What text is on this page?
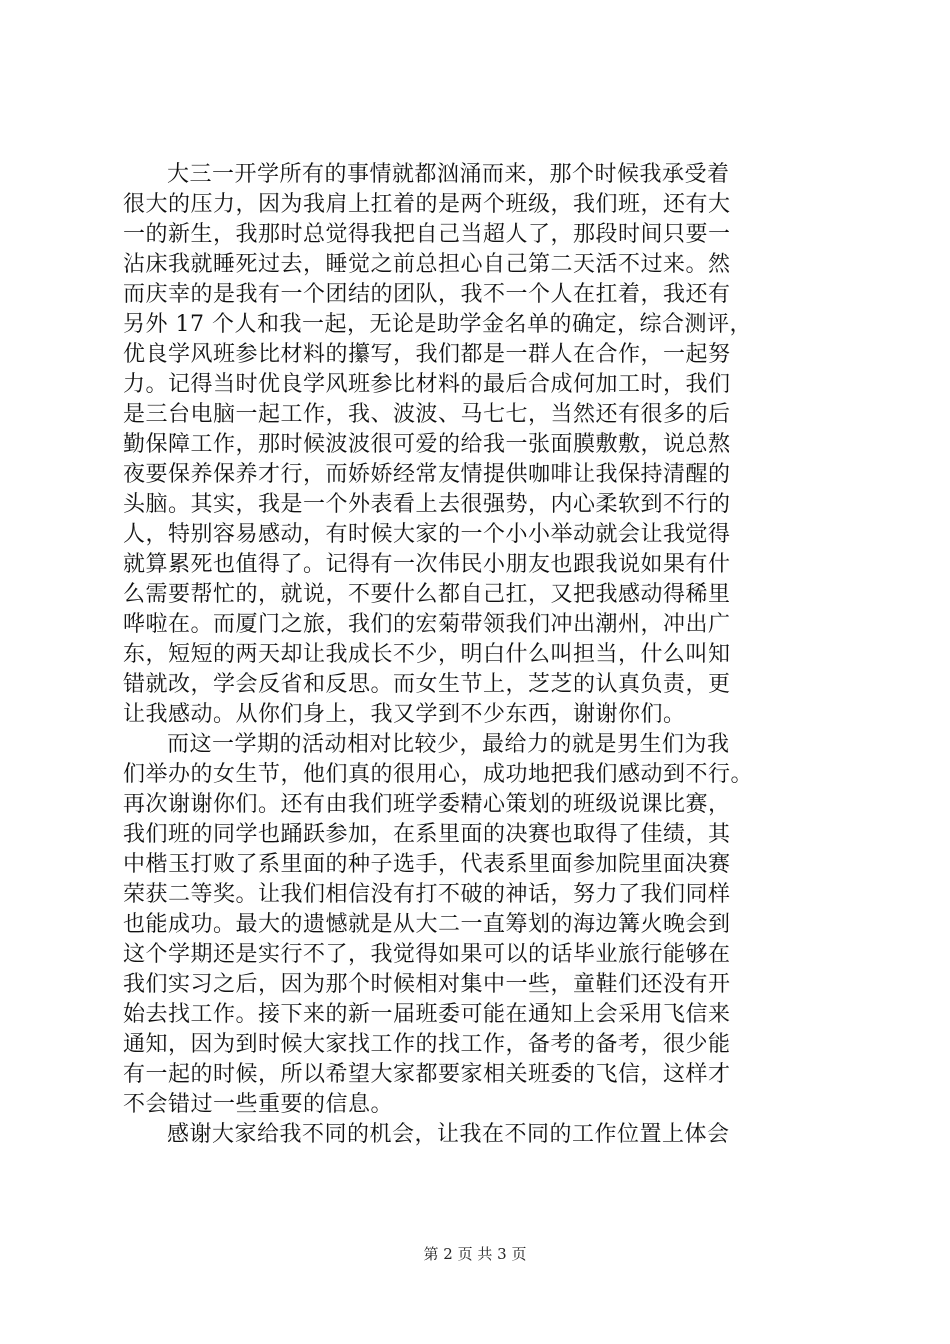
大三一开学所有的事情就都汹涌而来，那个时候我承受着
很大的压力，因为我肩上扛着的是两个班级，我们班，还有大
一的新生，我那时总觉得我把自己当超人了，那段时间只要一
沾床我就睡死过去，睡觉之前总担心自己第二天活不过来。然
而庆幸的是我有一个团结的团队，我不一个人在扛着，我还有
另外 17 个人和我一起，无论是助学金名单的确定，综合测评，
优良学风班参比材料的攥写，我们都是一群人在合作，一起努
力。记得当时优良学风班参比材料的最后合成何加工时，我们
是三台电脑一起工作，我、波波、马七七，当然还有很多的后
勤保障工作，那时候波波很可爱的给我一张面膜敷敷，说总熬
夜要保养保养才行，而娇娇经常友情提供咖啡让我保持清醒的
头脑。其实，我是一个外表看上去很强势，内心柔软到不行的
人，特别容易感动，有时候大家的一个小小举动就会让我觉得
就算累死也值得了。记得有一次伟民小朋友也跟我说如果有什
么需要帮忙的，就说，不要什么都自己扛，又把我感动得稀里
哗啦在。而厦门之旅，我们的宏菊带领我们冲出潮州，冲出广
东，短短的两天却让我成长不少，明白什么叫担当，什么叫知
错就改，学会反省和反思。而女生节上，芝芝的认真负责，更
让我感动。从你们身上，我又学到不少东西，谢谢你们。
而这一学期的活动相对比较少，最给力的就是男生们为我
们举办的女生节，他们真的很用心，成功地把我们感动到不行。
再次谢谢你们。还有由我们班学委精心策划的班级说课比赛，
我们班的同学也踊跃参加，在系里面的决赛也取得了佳绩，其
中楷玉打败了系里面的种子选手，代表系里面参加院里面决赛
荣获二等奖。让我们相信没有打不破的神话，努力了我们同样
也能成功。最大的遗憾就是从大二一直筹划的海边篝火晚会到
这个学期还是实行不了，我觉得如果可以的话毕业旅行能够在
我们实习之后，因为那个时候相对集中一些，童鞋们还没有开
始去找工作。接下来的新一届班委可能在通知上会采用飞信来
通知，因为到时候大家找工作的找工作，备考的备考，很少能
有一起的时候，所以希望大家都要家相关班委的飞信，这样才
不会错过一些重要的信息。
感谢大家给我不同的机会，让我在不同的工作位置上体会
第 2 页 共 3 页
